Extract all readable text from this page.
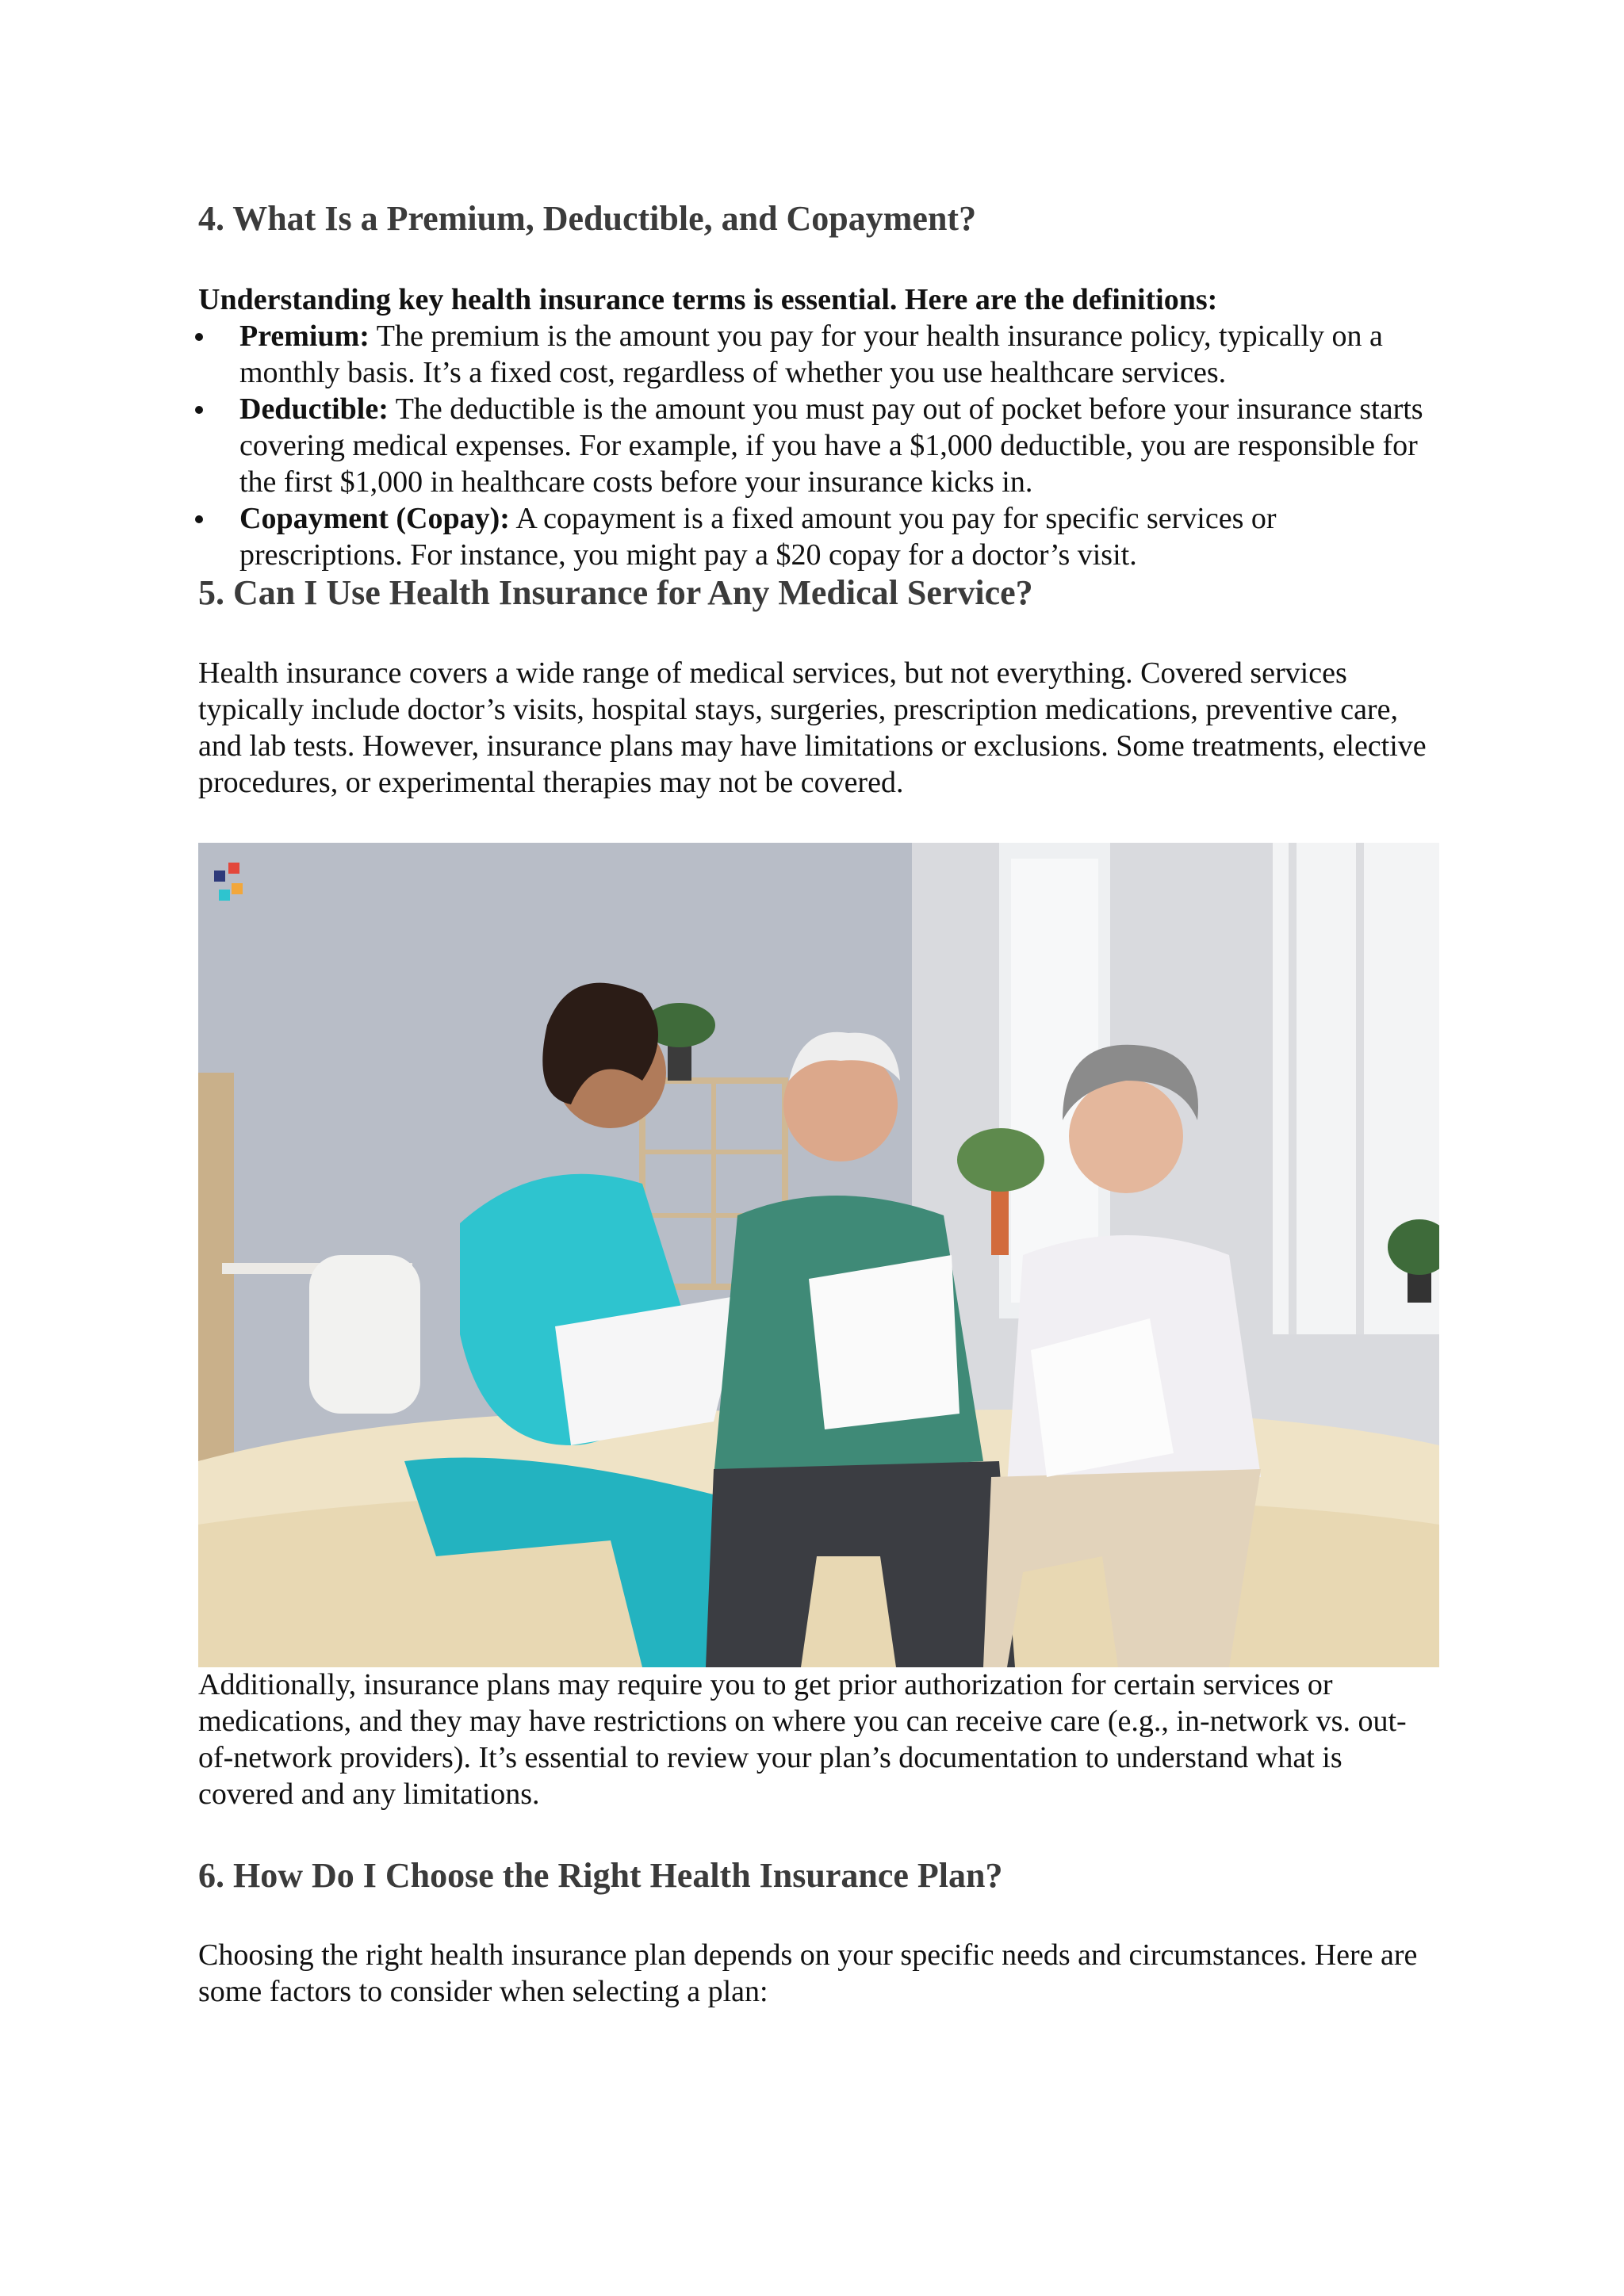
4. What Is a Premium, Deductible, and Copayment?

Understanding key health insurance terms is essential. Here are the definitions:

Premium: The premium is the amount you pay for your health insurance policy, typically on a monthly basis. It’s a fixed cost, regardless of whether you use healthcare services.
Deductible: The deductible is the amount you must pay out of pocket before your insurance starts covering medical expenses. For example, if you have a $1,000 deductible, you are responsible for the first $1,000 in healthcare costs before your insurance kicks in.
Copayment (Copay): A copayment is a fixed amount you pay for specific services or prescriptions. For instance, you might pay a $20 copay for a doctor’s visit.
5. Can I Use Health Insurance for Any Medical Service?

Health insurance covers a wide range of medical services, but not everything. Covered services typically include doctor’s visits, hospital stays, surgeries, prescription medications, preventive care, and lab tests. However, insurance plans may have limitations or exclusions. Some treatments, elective procedures, or experimental therapies may not be covered.

Additionally, insurance plans may require you to get prior authorization for certain services or medications, and they may have restrictions on where you can receive care (e.g., in-network vs. out-of-network providers). It’s essential to review your plan’s documentation to understand what is covered and any limitations.

6. How Do I Choose the Right Health Insurance Plan?

Choosing the right health insurance plan depends on your specific needs and circumstances. Here are some factors to consider when selecting a plan:
